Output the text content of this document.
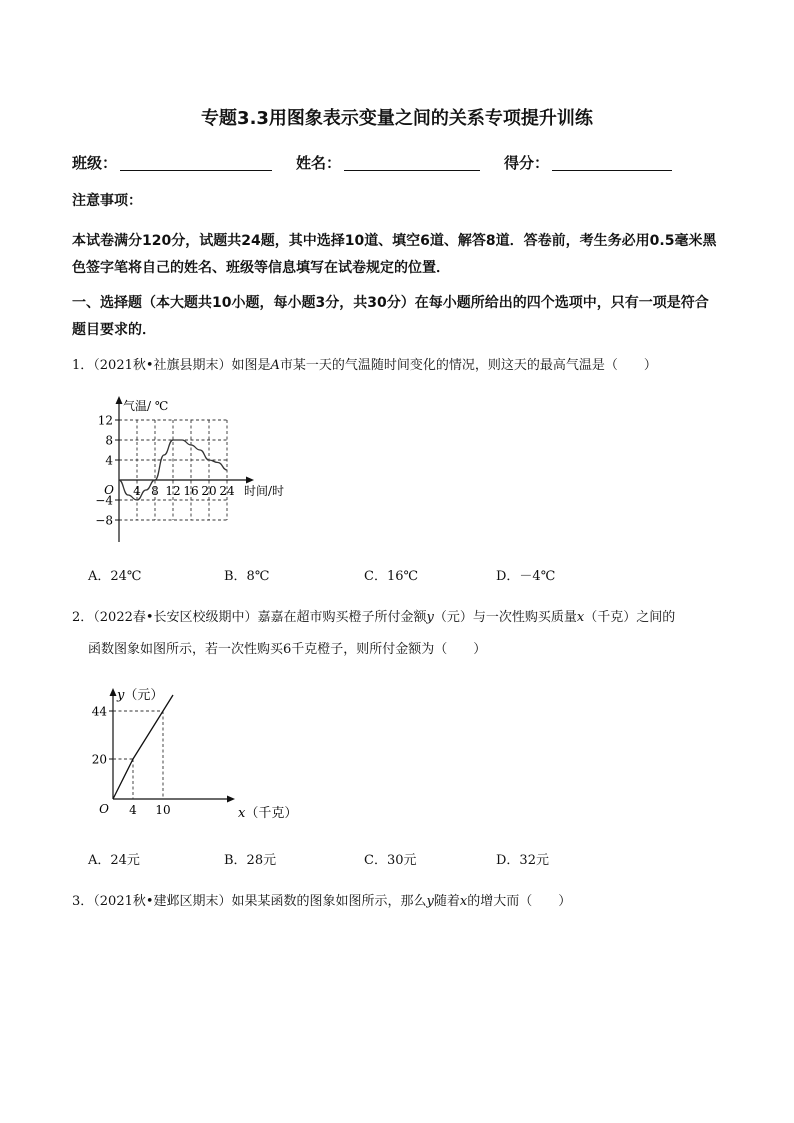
专题3.3用图象表示变量之间的关系专项提升训练
班级：	姓名：	得分：
注意事项：
本试卷满分120分，试题共24题，其中选择10道、填空6道、解答8道．答卷前，考生务必用0.5毫米黑
色签字笔将自己的姓名、班级等信息填写在试卷规定的位置．
一、选择题（本大题共10小题，每小题3分，共30分）在每小题所给出的四个选项中，只有一项是符合
题目要求的．
1．（2021秋•社旗县期末）如图是A市某一天的气温随时间变化的情况，则这天的最高气温是（　　）
12
8
4
−4
−8
4 8 12 16 20 24
O
气温/ ℃
时间/时
A．24℃	B．8℃	C．16℃	D．－4℃
2．（2022春•长安区校级期中）嘉嘉在超市购买橙子所付金额y（元）与一次性购买质量x（千克）之间的
函数图象如图所示，若一次性购买6千克橙子，则所付金额为（　　）
4 10
20
44
O
y（元）
x（千克）
A．24元	B．28元	C．30元	D．32元
3．（2021秋•建邺区期末）如果某函数的图象如图所示，那么y随着x的增大而（　　）
